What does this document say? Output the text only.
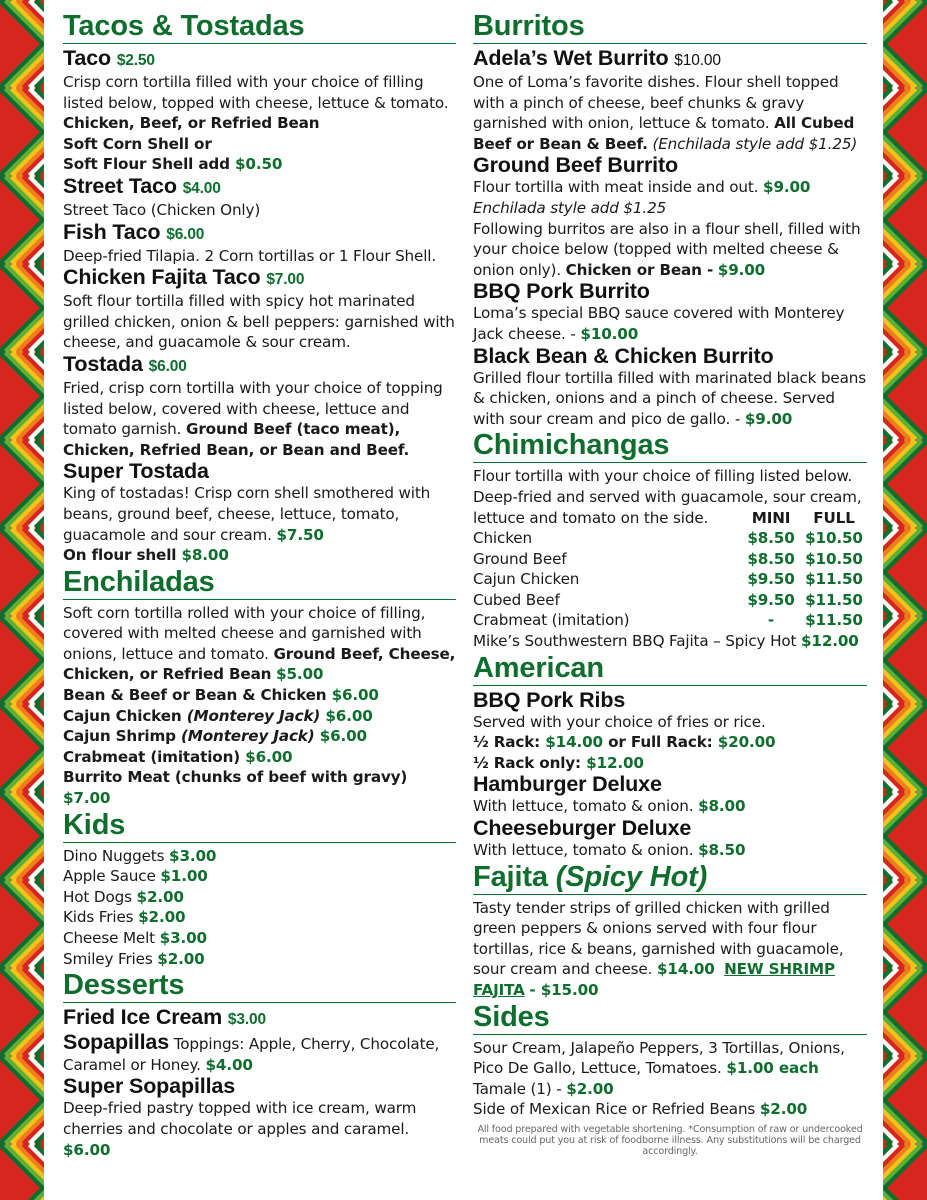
Tacos & Tostadas
Taco $2.50
Crisp corn tortilla filled with your choice of filling listed below, topped with cheese, lettuce & tomato.
Chicken, Beef, or Refried Bean
Soft Corn Shell or
Soft Flour Shell add $0.50
Street Taco $4.00
Street Taco (Chicken Only)
Fish Taco $6.00
Deep-fried Tilapia. 2 Corn tortillas or 1 Flour Shell.
Chicken Fajita Taco $7.00
Soft flour tortilla filled with spicy hot marinated grilled chicken, onion & bell peppers: garnished with cheese, and guacamole & sour cream.
Tostada $6.00
Fried, crisp corn tortilla with your choice of topping listed below, covered with cheese, lettuce and tomato garnish. Ground Beef (taco meat), Chicken, Refried Bean, or Bean and Beef.
Super Tostada
King of tostadas! Crisp corn shell smothered with beans, ground beef, cheese, lettuce, tomato, guacamole and sour cream. $7.50
On flour shell $8.00
Enchiladas
Soft corn tortilla rolled with your choice of filling, covered with melted cheese and garnished with onions, lettuce and tomato. Ground Beef, Cheese, Chicken, or Refried Bean $5.00
Bean & Beef or Bean & Chicken $6.00
Cajun Chicken (Monterey Jack) $6.00
Cajun Shrimp (Monterey Jack) $6.00
Crabmeat (imitation) $6.00
Burrito Meat (chunks of beef with gravy) $7.00
Kids
Dino Nuggets $3.00
Apple Sauce $1.00
Hot Dogs $2.00
Kids Fries $2.00
Cheese Melt $3.00
Smiley Fries $2.00
Desserts
Fried Ice Cream $3.00
Sopapillas Toppings: Apple, Cherry, Chocolate, Caramel or Honey. $4.00
Super Sopapillas
Deep-fried pastry topped with ice cream, warm cherries and chocolate or apples and caramel.
$6.00
Burritos
Adela’s Wet Burrito $10.00
One of Loma’s favorite dishes. Flour shell topped with a pinch of cheese, beef chunks & gravy garnished with onion, lettuce & tomato. All Cubed Beef or Bean & Beef. (Enchilada style add $1.25)
Ground Beef Burrito
Flour tortilla with meat inside and out. $9.00
Enchilada style add $1.25
Following burritos are also in a flour shell, filled with your choice below (topped with melted cheese & onion only). Chicken or Bean - $9.00
BBQ Pork Burrito
Loma’s special BBQ sauce covered with Monterey Jack cheese. - $10.00
Black Bean & Chicken Burrito
Grilled flour tortilla filled with marinated black beans & chicken, onions and a pinch of cheese. Served with sour cream and pico de gallo. - $9.00
Chimichangas
Flour tortilla with your choice of filling listed below. Deep-fried and served with guacamole, sour cream,
lettuce and tomato on the side.	MINI	FULL
Chicken	$8.50 $10.50
Ground Beef	$8.50 $10.50
Cajun Chicken	$9.50 $11.50
Cubed Beef	$9.50 $11.50
Crabmeat (imitation)	-	$11.50
Mike’s Southwestern BBQ Fajita – Spicy Hot $12.00
American
BBQ Pork Ribs
Served with your choice of fries or rice.
½ Rack: $14.00 or Full Rack: $20.00
½ Rack only: $12.00
Hamburger Deluxe
With lettuce, tomato & onion. $8.00
Cheeseburger Deluxe
With lettuce, tomato & onion. $8.50
Fajita (Spicy Hot)
Tasty tender strips of grilled chicken with grilled green peppers & onions served with four flour tortillas, rice & beans, garnished with guacamole, sour cream and cheese. $14.00 NEW SHRIMP FAJITA - $15.00
Sides
Sour Cream, Jalapeño Peppers, 3 Tortillas, Onions, Pico De Gallo, Lettuce, Tomatoes. $1.00 each
Tamale (1) - $2.00
Side of Mexican Rice or Refried Beans $2.00
All food prepared with vegetable shortening. *Consumption of raw or undercooked meats could put you at risk of foodborne illness. Any substitutions will be charged accordingly.
